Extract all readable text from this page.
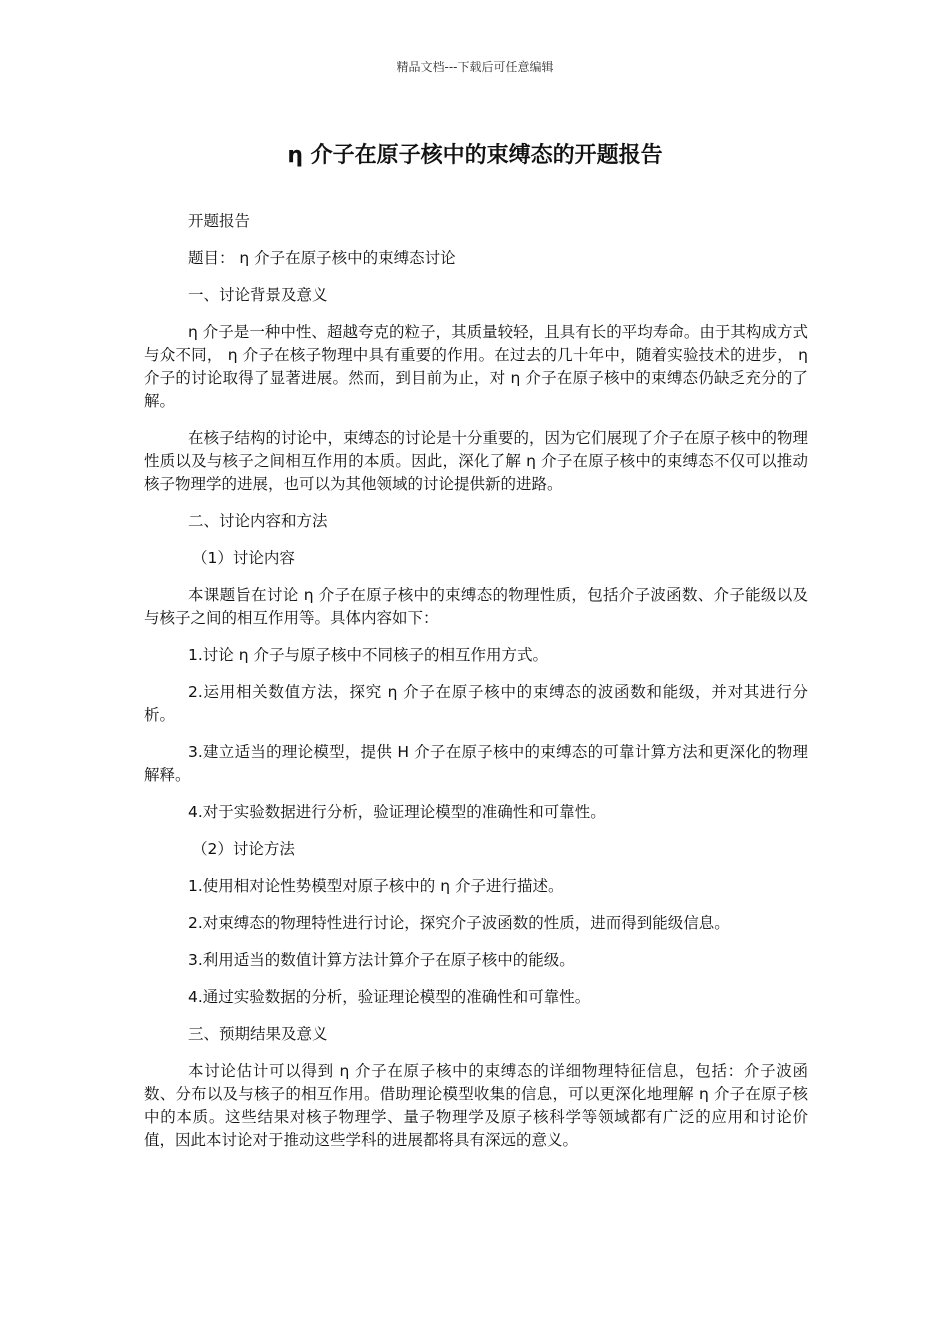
精品文档---下载后可任意编辑
η 介子在原子核中的束缚态的开题报告

开题报告

题目： η 介子在原子核中的束缚态讨论

一、讨论背景及意义

η 介子是一种中性、超越夸克的粒子，其质量较轻，且具有长的平均寿命。由于其构成方式与众不同， η 介子在核子物理中具有重要的作用。在过去的几十年中，随着实验技术的进步， η 介子的讨论取得了显著进展。然而，到目前为止，对 η 介子在原子核中的束缚态仍缺乏充分的了解。

在核子结构的讨论中，束缚态的讨论是十分重要的，因为它们展现了介子在原子核中的物理性质以及与核子之间相互作用的本质。因此，深化了解 η 介子在原子核中的束缚态不仅可以推动核子物理学的进展，也可以为其他领域的讨论提供新的进路。

二、讨论内容和方法

（1）讨论内容

本课题旨在讨论 η 介子在原子核中的束缚态的物理性质，包括介子波函数、介子能级以及与核子之间的相互作用等。具体内容如下：

1.讨论 η 介子与原子核中不同核子的相互作用方式。

2.运用相关数值方法，探究 η 介子在原子核中的束缚态的波函数和能级，并对其进行分析。

3.建立适当的理论模型，提供 Η 介子在原子核中的束缚态的可靠计算方法和更深化的物理解释。

4.对于实验数据进行分析，验证理论模型的准确性和可靠性。

（2）讨论方法

1.使用相对论性势模型对原子核中的 η 介子进行描述。

2.对束缚态的物理特性进行讨论，探究介子波函数的性质，进而得到能级信息。

3.利用适当的数值计算方法计算介子在原子核中的能级。

4.通过实验数据的分析，验证理论模型的准确性和可靠性。

三、预期结果及意义

本讨论估计可以得到 η 介子在原子核中的束缚态的详细物理特征信息，包括：介子波函数、分布以及与核子的相互作用。借助理论模型收集的信息，可以更深化地理解 η 介子在原子核中的本质。这些结果对核子物理学、量子物理学及原子核科学等领域都有广泛的应用和讨论价值，因此本讨论对于推动这些学科的进展都将具有深远的意义。
